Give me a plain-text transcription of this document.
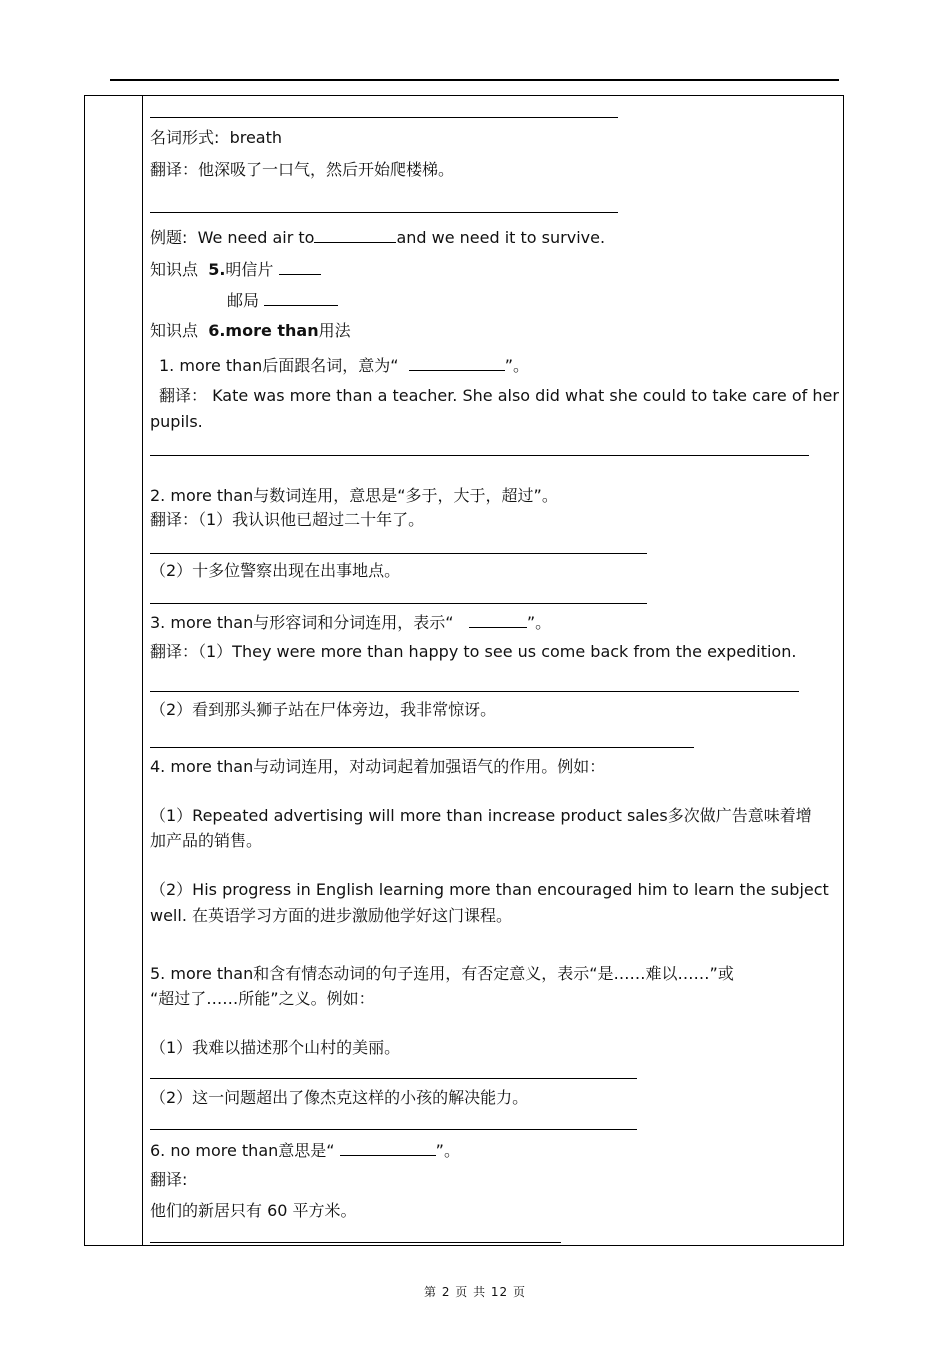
名词形式: breath
翻译：他深吸了一口气，然后开始爬楼梯。
例题: We need air to	and we need it to survive.
知识点 5.明信片
邮局
知识点 6.more than用法
1. more than后面跟名词，意为“	”。
翻译： Kate was more than a teacher. She also did what she could to take care of her
pupils.
2. more than与数词连用，意思是“多于，大于，超过”。
翻译：（1）我认识他已超过二十年了。
（2）十多位警察出现在出事地点。
3. more than与形容词和分词连用，表示“	”。
翻译：（1）They were more than happy to see us come back from the expedition.
（2）看到那头狮子站在尸体旁边，我非常惊讶。
4. more than与动词连用，对动词起着加强语气的作用。例如：
（1）Repeated advertising will more than increase product sales多次做广告意味着增
加产品的销售。
（2）His progress in English learning more than encouraged him to learn the subject
well. 在英语学习方面的进步激励他学好这门课程。
5. more than和含有情态动词的句子连用，有否定意义，表示“是……难以……”或
“超过了……所能”之义。例如：
（1）我难以描述那个山村的美丽。
（2）这一问题超出了像杰克这样的小孩的解决能力。
6. no more than意思是“	”。
翻译:
他们的新居只有 60 平方米。
第 2 页 共 12 页
